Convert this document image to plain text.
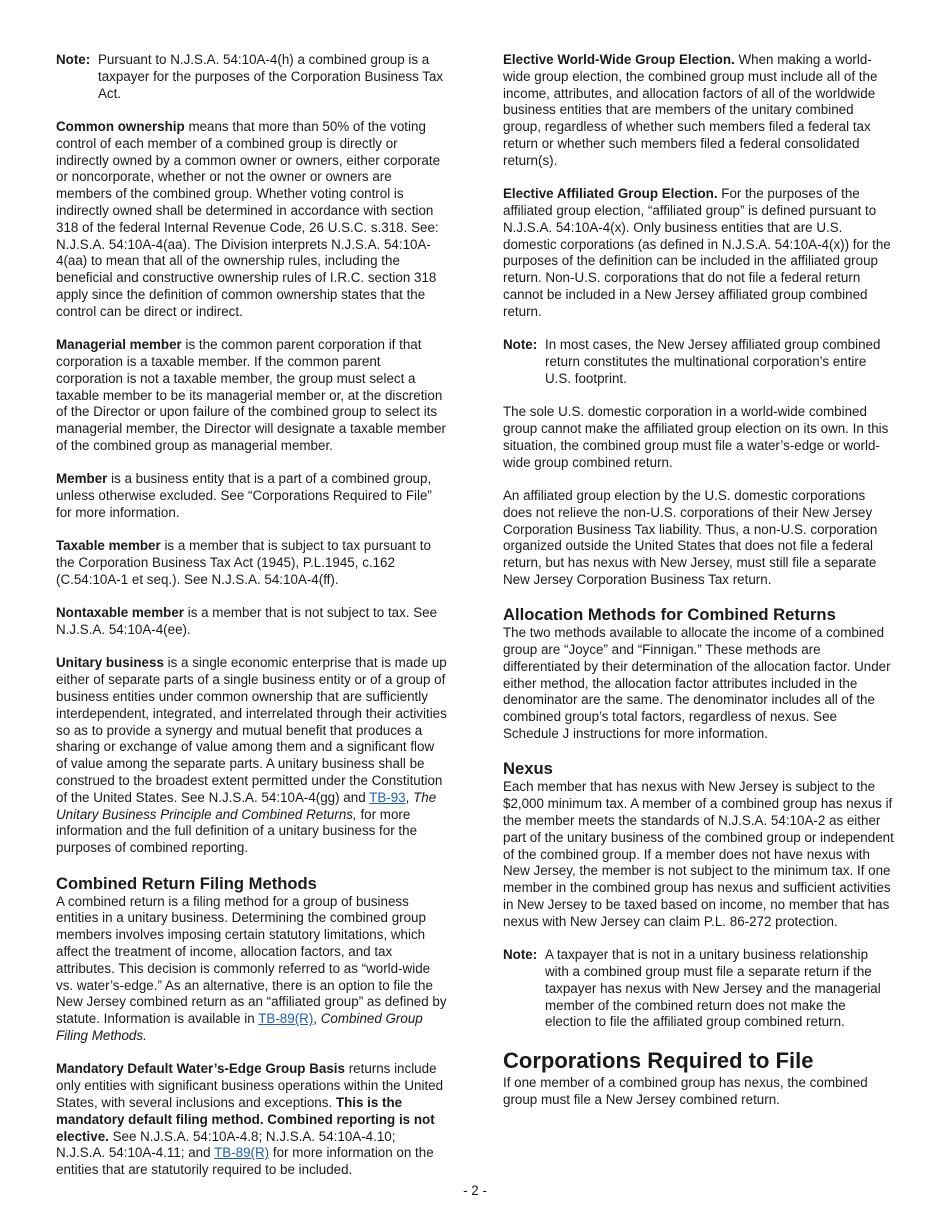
Note: Pursuant to N.J.S.A. 54:10A-4(h) a combined group is a taxpayer for the purposes of the Corporation Business Tax Act.

Common ownership means that more than 50% of the voting control of each member of a combined group is directly or indirectly owned by a common owner or owners, either corporate or noncorporate, whether or not the owner or owners are members of the combined group. Whether voting control is indirectly owned shall be determined in accordance with section 318 of the federal Internal Revenue Code, 26 U.S.C. s.318. See: N.J.S.A. 54:10A-4(aa). The Division interprets N.J.S.A. 54:10A-4(aa) to mean that all of the ownership rules, including the beneficial and constructive ownership rules of I.R.C. section 318 apply since the definition of common ownership states that the control can be direct or indirect.

Managerial member is the common parent corporation if that corporation is a taxable member. If the common parent corporation is not a taxable member, the group must select a taxable member to be its managerial member or, at the discretion of the Director or upon failure of the combined group to select its managerial member, the Director will designate a taxable member of the combined group as managerial member.

Member is a business entity that is a part of a combined group, unless otherwise excluded. See “Corporations Required to File” for more information.

Taxable member is a member that is subject to tax pursuant to the Corporation Business Tax Act (1945), P.L.1945, c.162 (C.54:10A-1 et seq.). See N.J.S.A. 54:10A-4(ff).

Nontaxable member is a member that is not subject to tax. See N.J.S.A. 54:10A-4(ee).

Unitary business is a single economic enterprise that is made up either of separate parts of a single business entity or of a group of business entities under common ownership that are sufficiently interdependent, integrated, and interrelated through their activities so as to provide a synergy and mutual benefit that produces a sharing or exchange of value among them and a significant flow of value among the separate parts. A unitary business shall be construed to the broadest extent permitted under the Constitution of the United States. See N.J.S.A. 54:10A-4(gg) and TB-93, The Unitary Business Principle and Combined Returns, for more information and the full definition of a unitary business for the purposes of combined reporting.

Combined Return Filing Methods

A combined return is a filing method for a group of business entities in a unitary business. Determining the combined group members involves imposing certain statutory limitations, which affect the treatment of income, allocation factors, and tax attributes. This decision is commonly referred to as “world-wide vs. water’s-edge.” As an alternative, there is an option to file the New Jersey combined return as an “affiliated group” as defined by statute. Information is available in TB-89(R), Combined Group Filing Methods.

Mandatory Default Water’s-Edge Group Basis returns include only entities with significant business operations within the United States, with several inclusions and exceptions. This is the mandatory default filing method. Combined reporting is not elective. See N.J.S.A. 54:10A-4.8; N.J.S.A. 54:10A-4.10; N.J.S.A. 54:10A-4.11; and TB-89(R) for more information on the entities that are statutorily required to be included.

Elective World-Wide Group Election. When making a world-wide group election, the combined group must include all of the income, attributes, and allocation factors of all of the worldwide business entities that are members of the unitary combined group, regardless of whether such members filed a federal tax return or whether such members filed a federal consolidated return(s).

Elective Affiliated Group Election. For the purposes of the affiliated group election, “affiliated group” is defined pursuant to N.J.S.A. 54:10A-4(x). Only business entities that are U.S. domestic corporations (as defined in N.J.S.A. 54:10A-4(x)) for the purposes of the definition can be included in the affiliated group return. Non-U.S. corporations that do not file a federal return cannot be included in a New Jersey affiliated group combined return.

Note: In most cases, the New Jersey affiliated group combined return constitutes the multinational corporation’s entire U.S. footprint.

The sole U.S. domestic corporation in a world-wide combined group cannot make the affiliated group election on its own. In this situation, the combined group must file a water’s-edge or world-wide group combined return.

An affiliated group election by the U.S. domestic corporations does not relieve the non-U.S. corporations of their New Jersey Corporation Business Tax liability. Thus, a non-U.S. corporation organized outside the United States that does not file a federal return, but has nexus with New Jersey, must still file a separate New Jersey Corporation Business Tax return.

Allocation Methods for Combined Returns

The two methods available to allocate the income of a combined group are “Joyce” and “Finnigan.” These methods are differentiated by their determination of the allocation factor. Under either method, the allocation factor attributes included in the denominator are the same. The denominator includes all of the combined group’s total factors, regardless of nexus. See Schedule J instructions for more information.

Nexus

Each member that has nexus with New Jersey is subject to the $2,000 minimum tax. A member of a combined group has nexus if the member meets the standards of N.J.S.A. 54:10A-2 as either part of the unitary business of the combined group or independent of the combined group. If a member does not have nexus with New Jersey, the member is not subject to the minimum tax. If one member in the combined group has nexus and sufficient activities in New Jersey to be taxed based on income, no member that has nexus with New Jersey can claim P.L. 86-272 protection.

Note: A taxpayer that is not in a unitary business relationship with a combined group must file a separate return if the taxpayer has nexus with New Jersey and the managerial member of the combined return does not make the election to file the affiliated group combined return.
Corporations Required to File

If one member of a combined group has nexus, the combined group must file a New Jersey combined return.

- 2 -
